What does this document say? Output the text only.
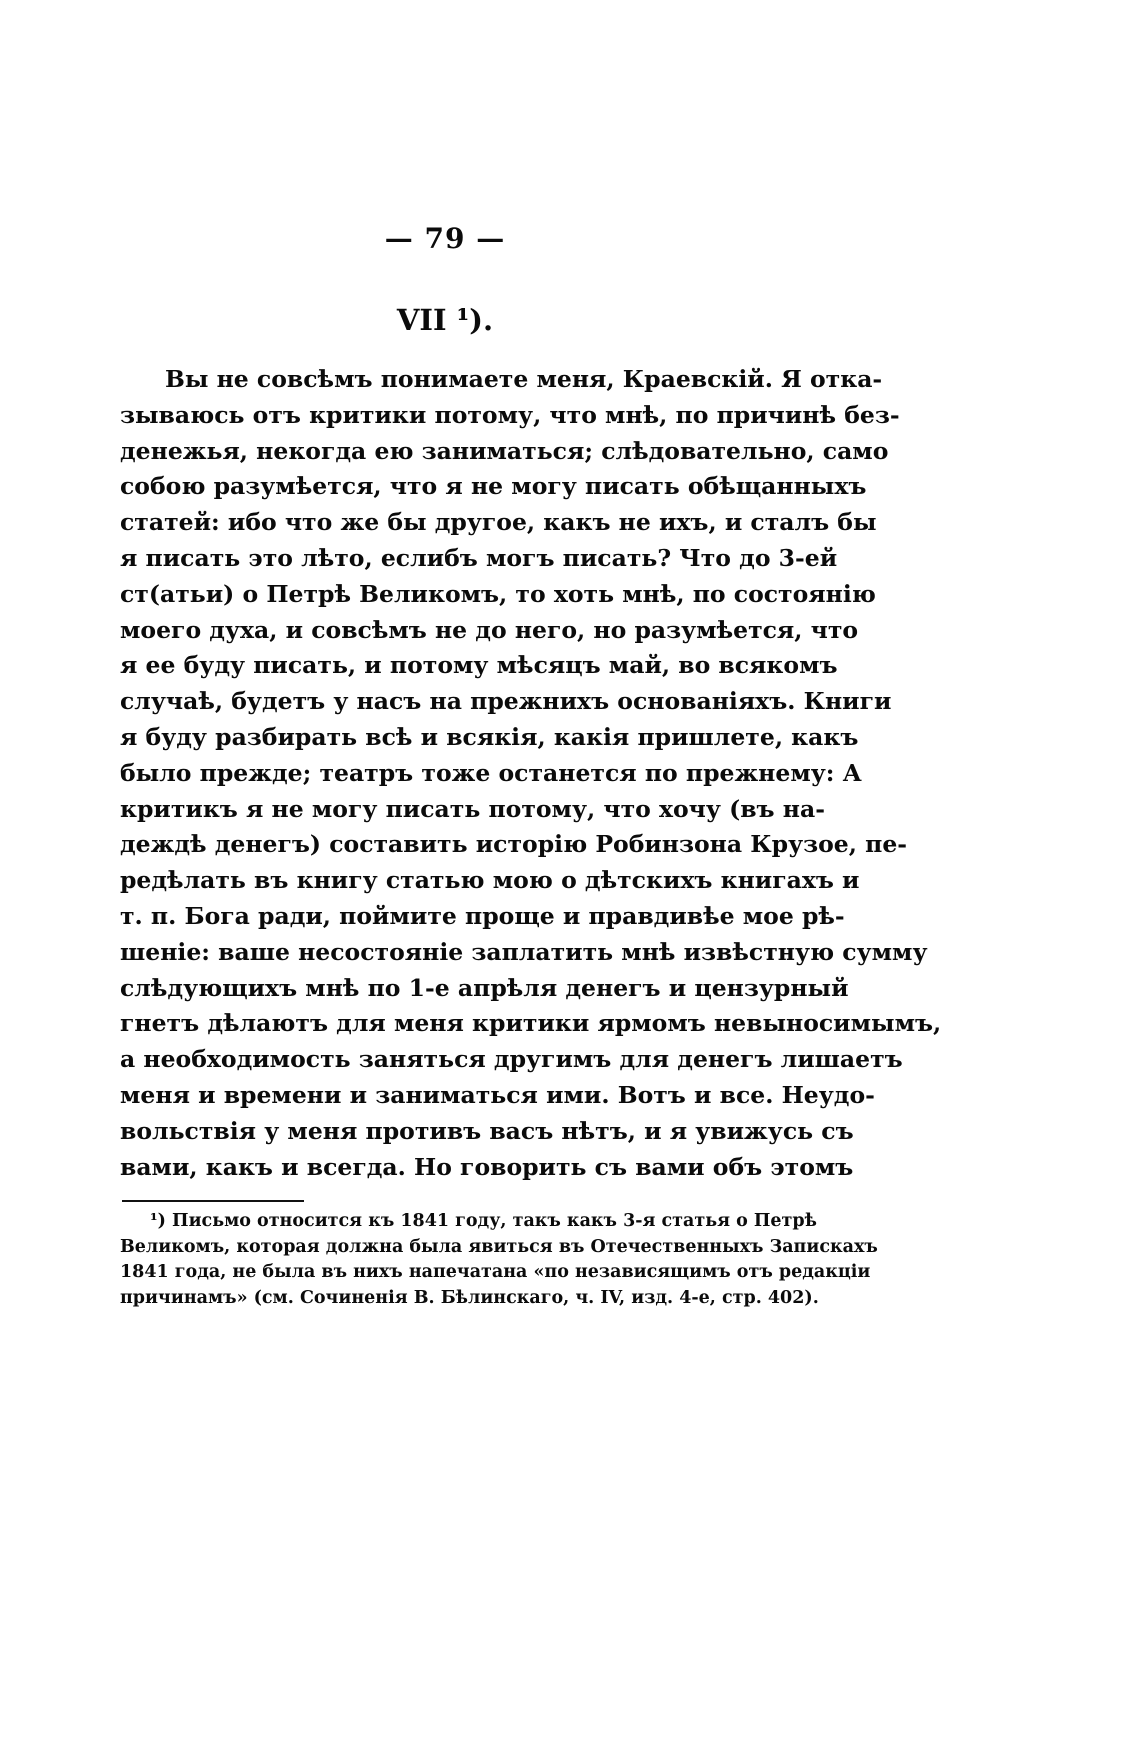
— 79 —
VII ¹).
Вы не совсѣмъ понимаете меня, Краевскій. Я отка-
зываюсь отъ критики потому, что мнѣ, по причинѣ без-
денежья, некогда ею заниматься; слѣдовательно, само
собою разумѣется, что я не могу писать обѣщанныхъ
статей: ибо что же бы другое, какъ не ихъ, и сталъ бы
я писать это лѣто, еслибъ могъ писать? Что до 3-ей
ст(атьи) о Петрѣ Великомъ, то хоть мнѣ, по состоянію
моего духа, и совсѣмъ не до него, но разумѣется, что
я ее буду писать, и потому мѣсяцъ май, во всякомъ
случаѣ, будетъ у насъ на прежнихъ основаніяхъ. Книги
я буду разбирать всѣ и всякія, какія пришлете, какъ
было прежде; театръ тоже останется по прежнему: А
критикъ я не могу писать потому, что хочу (въ на-
деждѣ денегъ) составить исторію Робинзона Крузое, пе-
редѣлать въ книгу статью мою о дѣтскихъ книгахъ и
т. п. Бога ради, поймите проще и правдивѣе мое рѣ-
шеніе: ваше несостояніе заплатить мнѣ извѣстную сумму
слѣдующихъ мнѣ по 1-е апрѣля денегъ и цензурный
гнетъ дѣлаютъ для меня критики ярмомъ невыносимымъ,
а необходимость заняться другимъ для денегъ лишаетъ
меня и времени и заниматься ими. Вотъ и все. Неудо-
вольствія у меня противъ васъ нѣтъ, и я увижусь съ
вами, какъ и всегда. Но говорить съ вами объ этомъ
¹) Письмо относится къ 1841 году, такъ какъ 3-я статья о Петрѣ
Великомъ, которая должна была явиться въ Отечественныхъ Запискахъ
1841 года, не была въ нихъ напечатана «по независящимъ отъ редакціи
причинамъ» (см. Сочиненія В. Бѣлинскаго, ч. IV, изд. 4-е, стр. 402).
